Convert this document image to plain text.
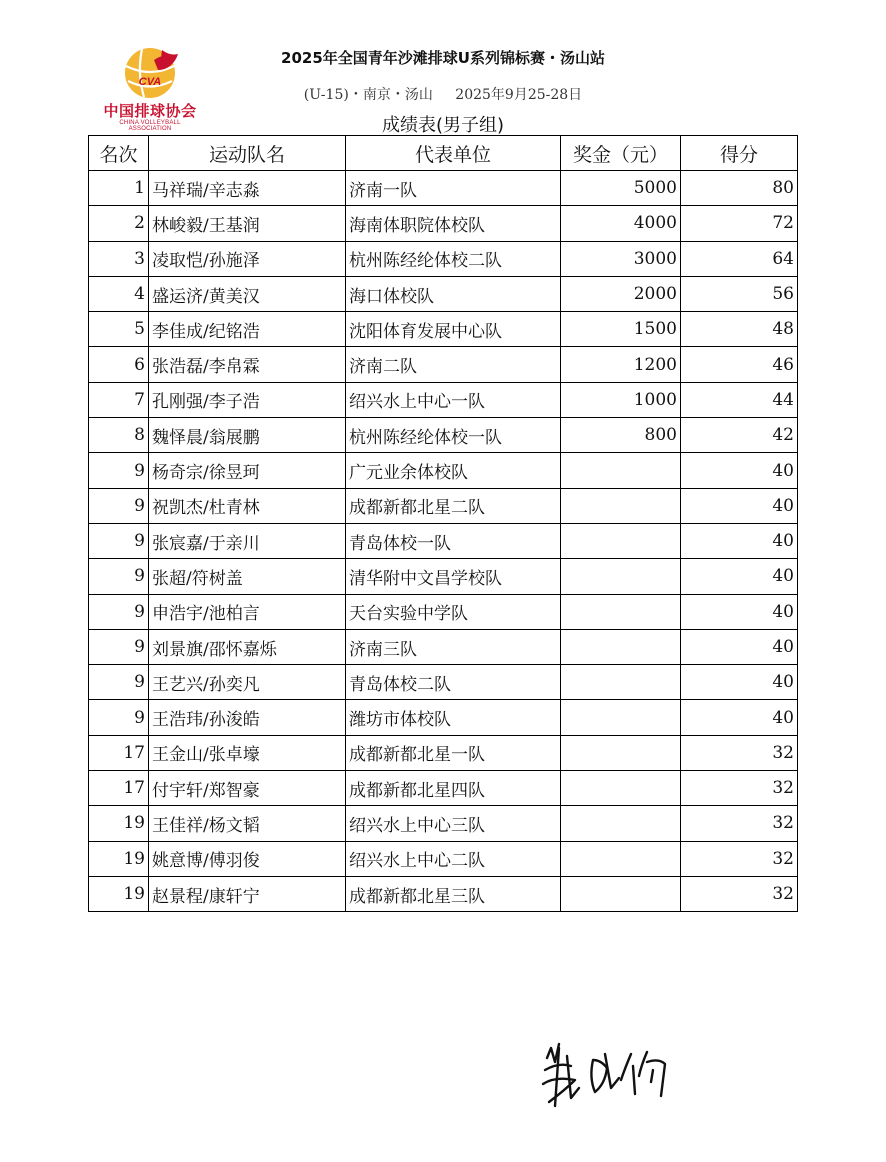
CVA
中国排球协会
CHINA VOLLEYBALL ASSOCIATION
2025年全国青年沙滩排球U系列锦标赛・汤山站
(U-15)・南京・汤山 2025年9月25-28日
成绩表(男子组)
名次	运动队名	代表单位	奖金（元）	得分
1	马祥瑞/辛志淼	济南一队	5000	80
2	林峻毅/王基润	海南体职院体校队	4000	72
3	凌取恺/孙施泽	杭州陈经纶体校二队	3000	64
4	盛运济/黄美汉	海口体校队	2000	56
5	李佳成/纪铭浩	沈阳体育发展中心队	1500	48
6	张浩磊/李帛霖	济南二队	1200	46
7	孔刚强/李子浩	绍兴水上中心一队	1000	44
8	魏怿晨/翁展鹏	杭州陈经纶体校一队	800	42
9	杨奇宗/徐昱珂	广元业余体校队		40
9	祝凯杰/杜青林	成都新都北星二队		40
9	张宸嘉/于亲川	青岛体校一队		40
9	张超/符树盖	清华附中文昌学校队		40
9	申浩宇/池柏言	天台实验中学队		40
9	刘景旗/邵怀嘉烁	济南三队		40
9	王艺兴/孙奕凡	青岛体校二队		40
9	王浩玮/孙浚皓	潍坊市体校队		40
17	王金山/张卓壕	成都新都北星一队		32
17	付宇轩/郑智豪	成都新都北星四队		32
19	王佳祥/杨文韬	绍兴水上中心三队		32
19	姚意博/傅羽俊	绍兴水上中心二队		32
19	赵景程/康轩宁	成都新都北星三队		32
